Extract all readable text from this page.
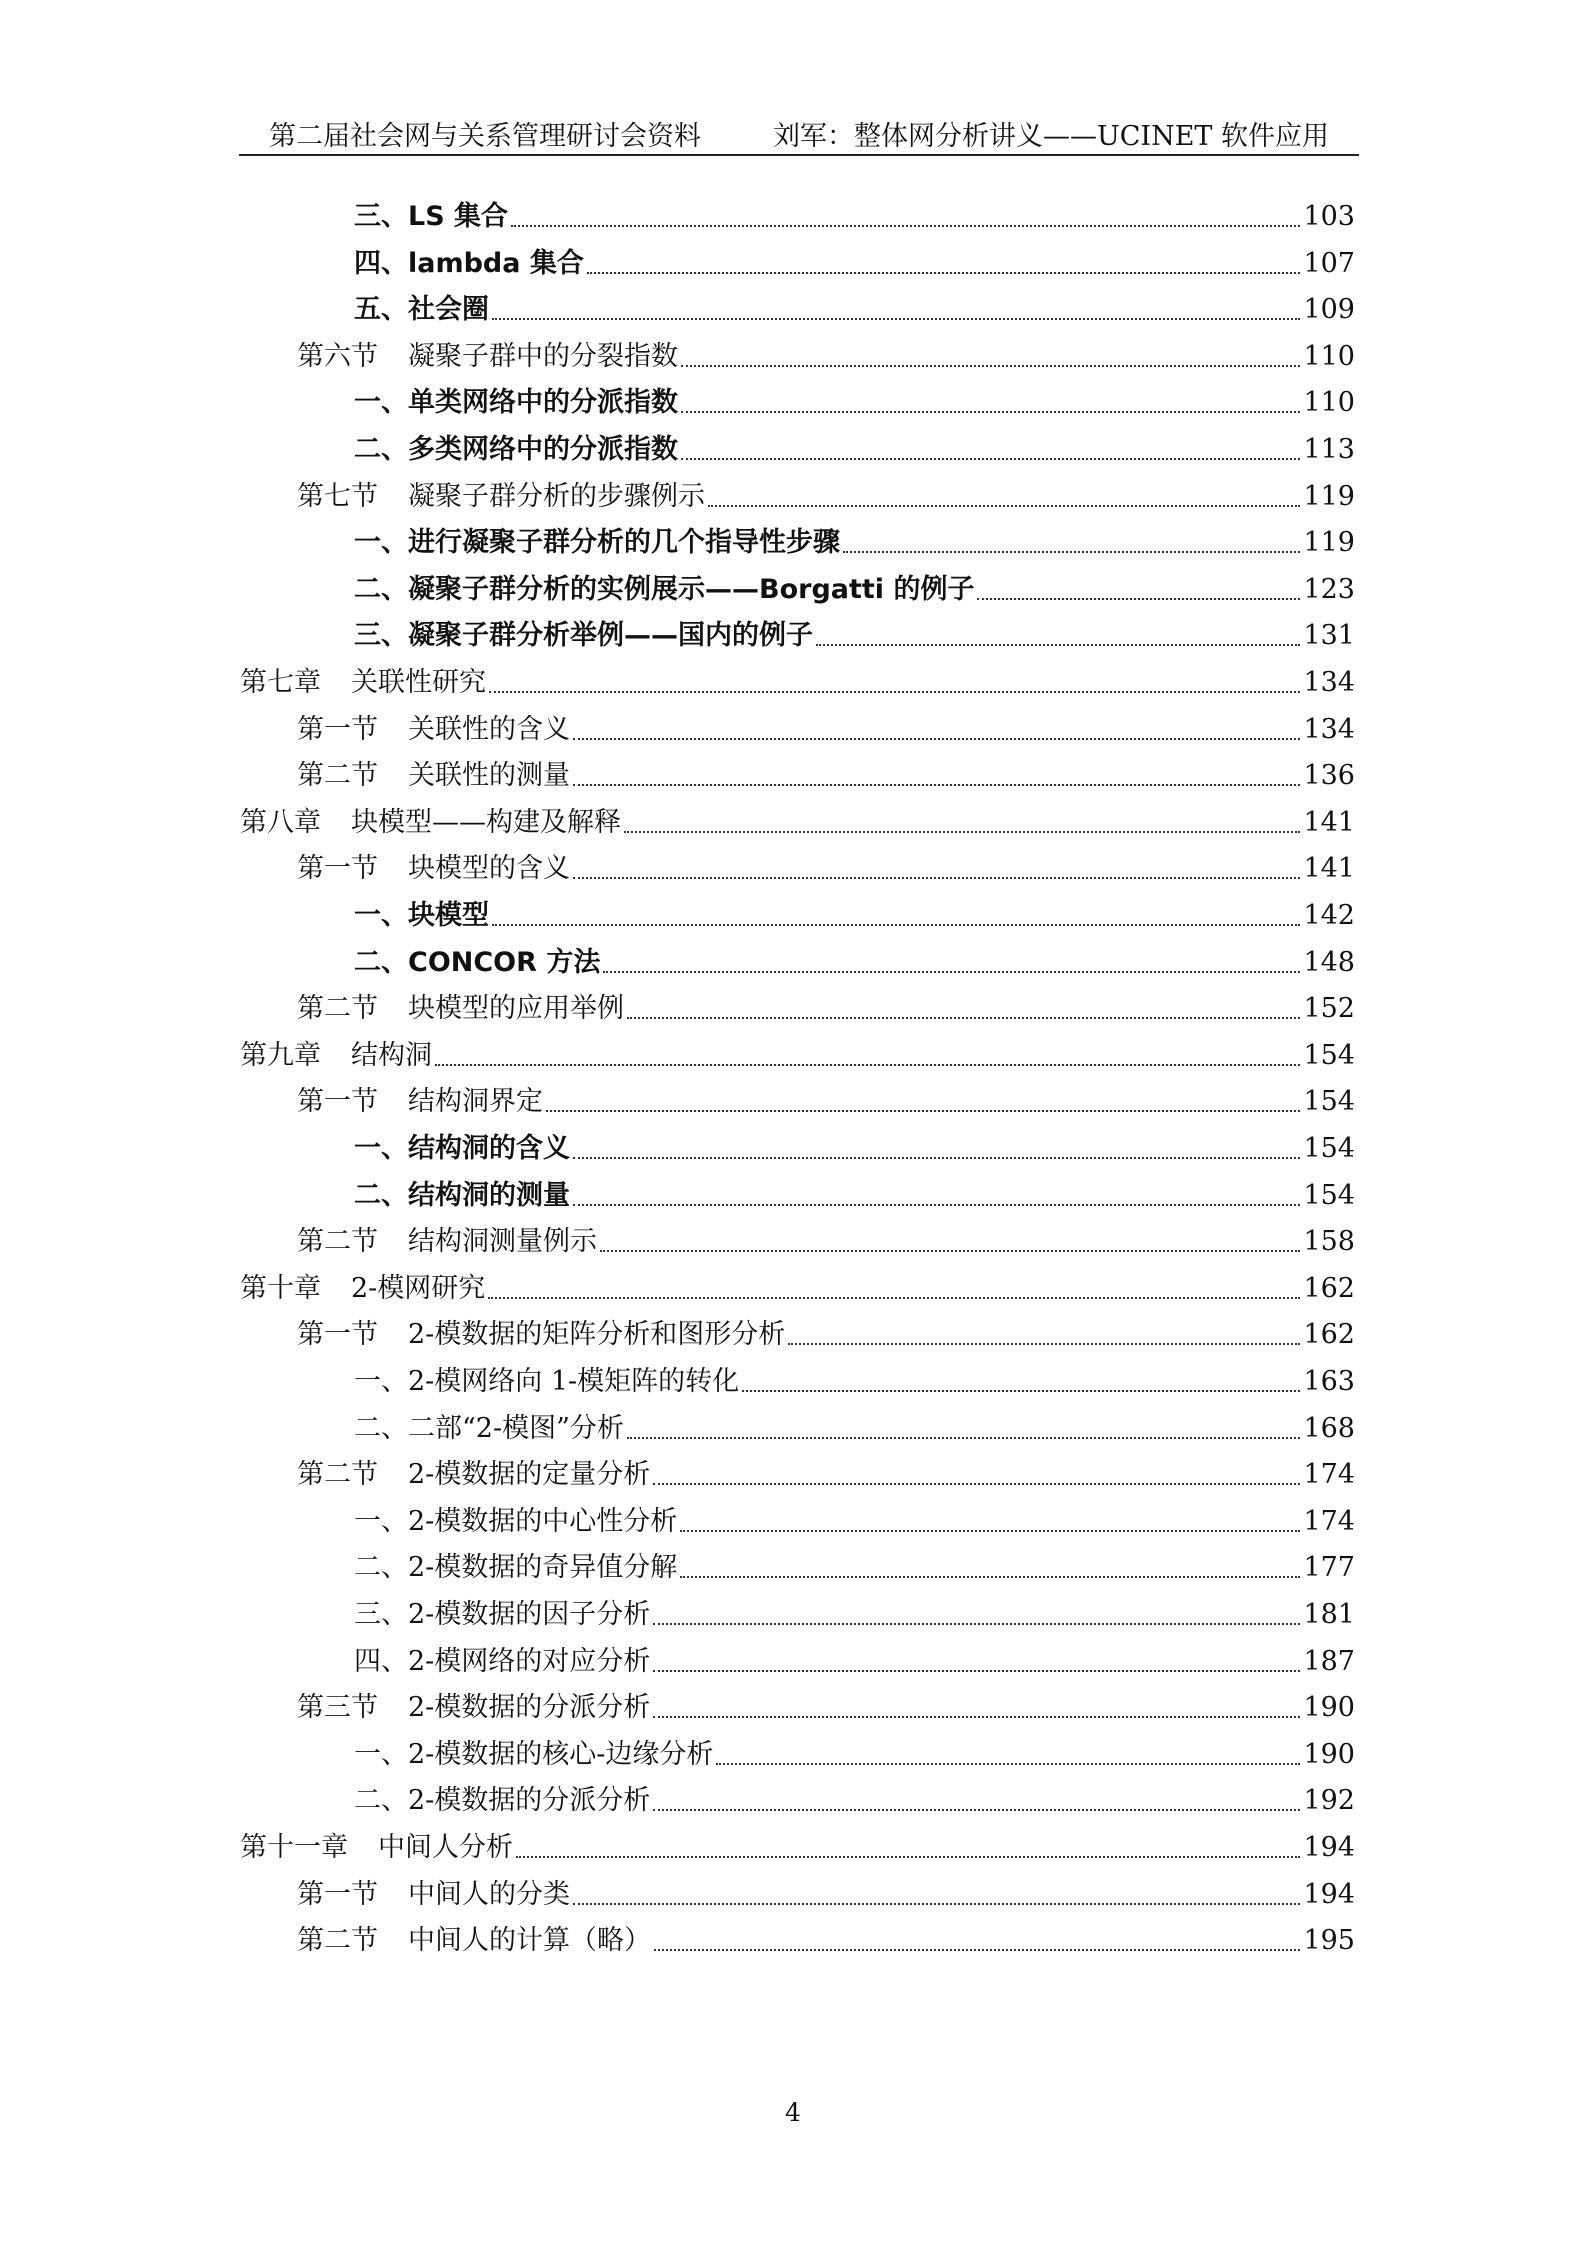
第二届社会网与关系管理研讨会资料	刘军：整体网分析讲义——UCINET 软件应用
三、LS 集合	103
四、lambda 集合	107
五、社会圈	109
第六节 凝聚子群中的分裂指数	110
一、单类网络中的分派指数	110
二、多类网络中的分派指数	113
第七节 凝聚子群分析的步骤例示	119
一、进行凝聚子群分析的几个指导性步骤	119
二、凝聚子群分析的实例展示——Borgatti 的例子	123
三、凝聚子群分析举例——国内的例子	131
第七章 关联性研究	134
第一节 关联性的含义	134
第二节 关联性的测量	136
第八章 块模型——构建及解释	141
第一节 块模型的含义	141
一、块模型	142
二、CONCOR 方法	148
第二节 块模型的应用举例	152
第九章 结构洞	154
第一节 结构洞界定	154
一、结构洞的含义	154
二、结构洞的测量	154
第二节 结构洞测量例示	158
第十章 2-模网研究	162
第一节 2-模数据的矩阵分析和图形分析	162
一、2-模网络向 1-模矩阵的转化	163
二、二部“2-模图”分析	168
第二节 2-模数据的定量分析	174
一、2-模数据的中心性分析	174
二、2-模数据的奇异值分解	177
三、2-模数据的因子分析	181
四、2-模网络的对应分析	187
第三节 2-模数据的分派分析	190
一、2-模数据的核心-边缘分析	190
二、2-模数据的分派分析	192
第十一章 中间人分析	194
第一节 中间人的分类	194
第二节 中间人的计算（略）	195
4
